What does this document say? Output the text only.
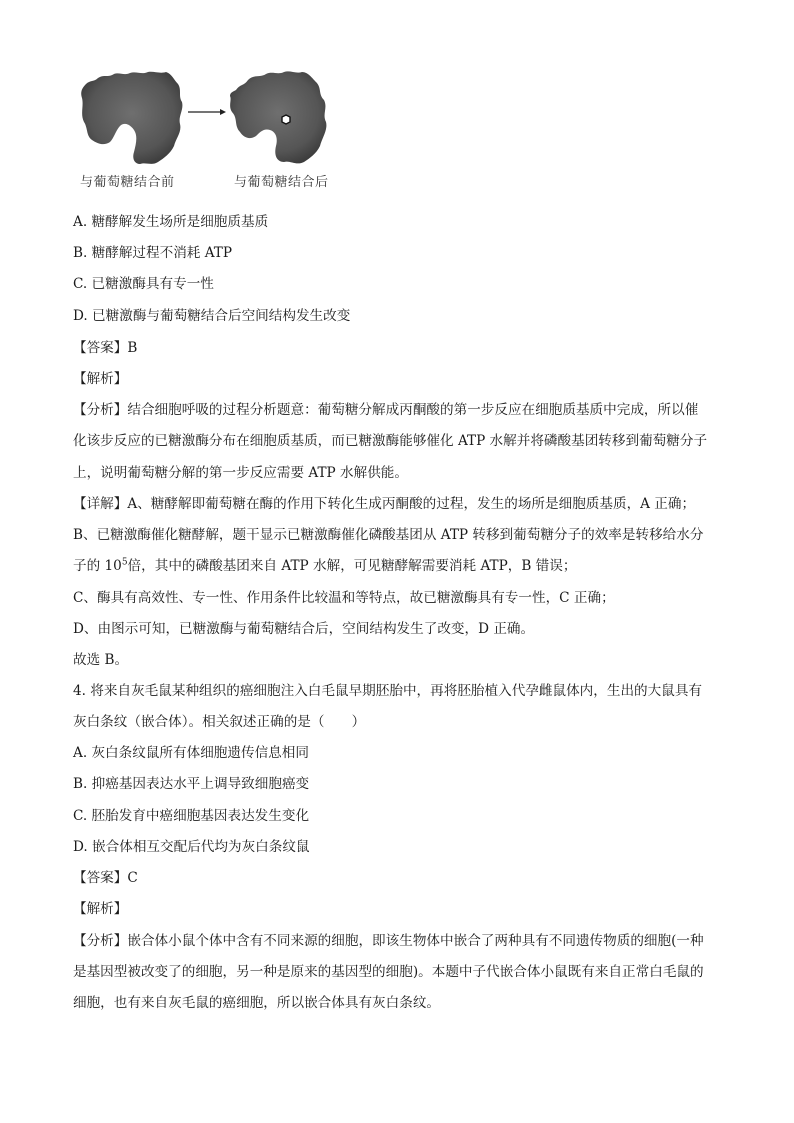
与葡萄糖结合前	与葡萄糖结合后
A. 糖酵解发生场所是细胞质基质
B. 糖酵解过程不消耗 ATP
C. 已糖激酶具有专一性
D. 已糖激酶与葡萄糖结合后空间结构发生改变
【答案】B
【解析】
【分析】结合细胞呼吸的过程分析题意：葡萄糖分解成丙酮酸的第一步反应在细胞质基质中完成，所以催
化该步反应的已糖激酶分布在细胞质基质，而已糖激酶能够催化 ATP 水解并将磷酸基团转移到葡萄糖分子
上，说明葡萄糖分解的第一步反应需要 ATP 水解供能。
【详解】A、糖酵解即葡萄糖在酶的作用下转化生成丙酮酸的过程，发生的场所是细胞质基质，A 正确；
B、已糖激酶催化糖酵解，题干显示已糖激酶催化磷酸基团从 ATP 转移到葡萄糖分子的效率是转移给水分
子的 $10^5$倍，其中的磷酸基团来自 ATP 水解，可见糖酵解需要消耗 ATP，B 错误；
C、酶具有高效性、专一性、作用条件比较温和等特点，故已糖激酶具有专一性，C 正确；
D、由图示可知，已糖激酶与葡萄糖结合后，空间结构发生了改变，D 正确。
故选 B。
4. 将来自灰毛鼠某种组织的癌细胞注入白毛鼠早期胚胎中，再将胚胎植入代孕雌鼠体内，生出的大鼠具有
灰白条纹（嵌合体）。相关叙述正确的是（　　）
A. 灰白条纹鼠所有体细胞遗传信息相同
B. 抑癌基因表达水平上调导致细胞癌变
C. 胚胎发育中癌细胞基因表达发生变化
D. 嵌合体相互交配后代均为灰白条纹鼠
【答案】C
【解析】
【分析】嵌合体小鼠个体中含有不同来源的细胞，即该生物体中嵌合了两种具有不同遗传物质的细胞(一种
是基因型被改变了的细胞，另一种是原来的基因型的细胞)。本题中子代嵌合体小鼠既有来自正常白毛鼠的
细胞，也有来自灰毛鼠的癌细胞，所以嵌合体具有灰白条纹。
